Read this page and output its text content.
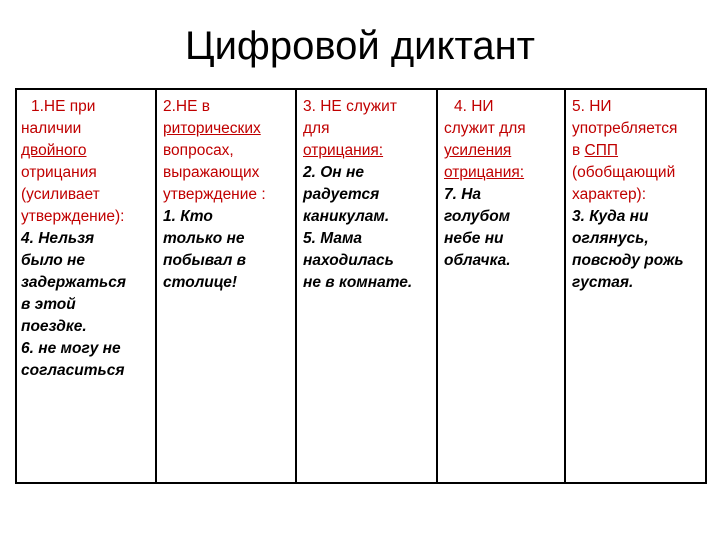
Цифровой диктант
1.НЕ при
наличии
двойного
отрицания
(усиливает
утверждение):
4. Нельзя
было не
задержаться
в этой
поездке.
6. не могу не
согласиться
2.НЕ в
риторических
вопросах,
выражающих
утверждение :
1. Кто
только не
побывал в
столице!
3. НЕ служит
для
отрицания:
2. Он не
радуется
каникулам.
5. Мама
находилась
не в комнате.
4. НИ
служит для
усиления
отрицания:
7. На
голубом
небе ни
облачка.
5. НИ
употребляется
в СПП
(обобщающий
характер):
3. Куда ни
оглянусь,
повсюду рожь
густая.
